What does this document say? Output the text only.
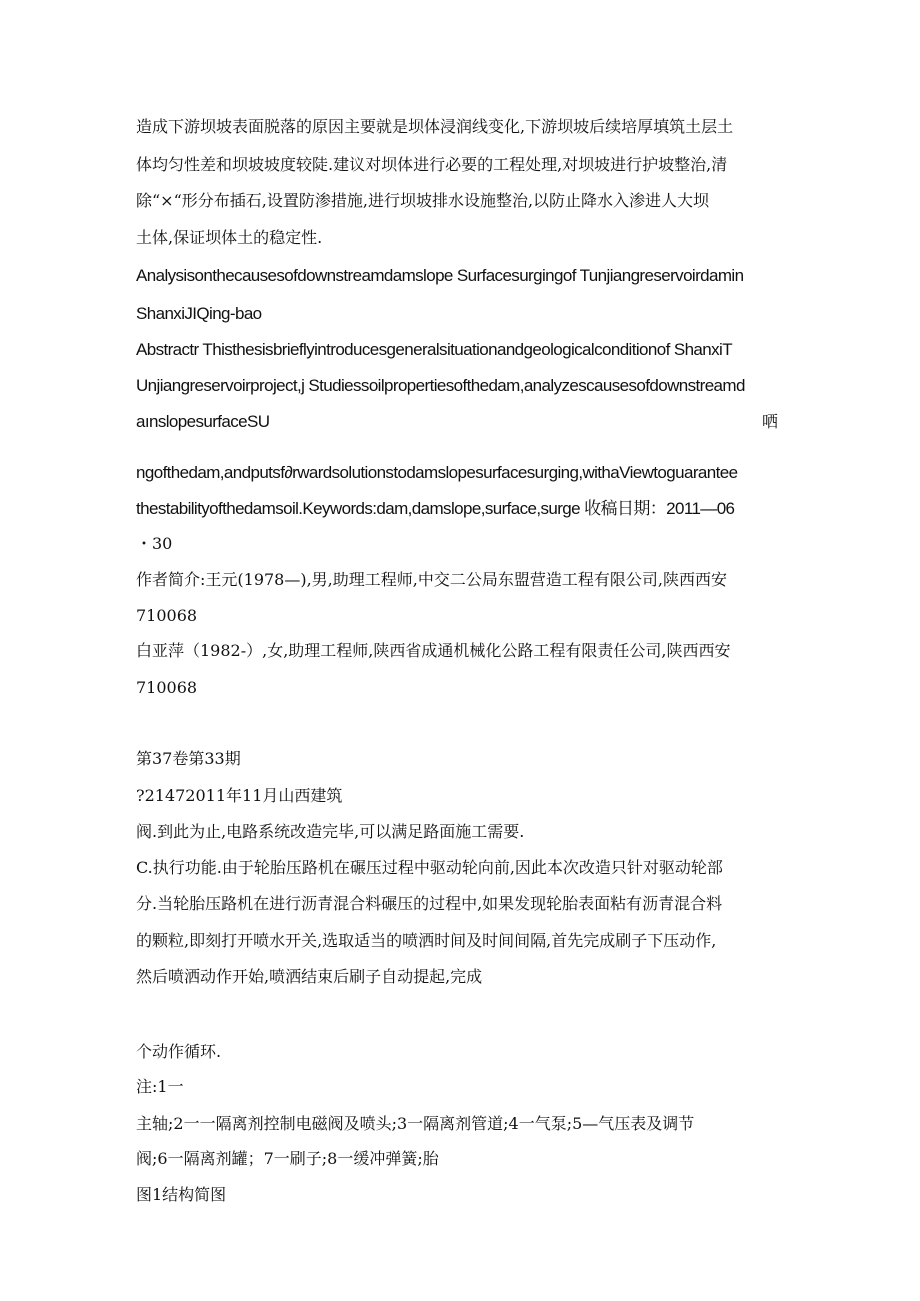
造成下游坝坡表面脱落的原因主要就是坝体浸润线变化,下游坝坡后续培厚填筑土层土
体均匀性差和坝坡坡度较陡.建议对坝体进行必要的工程处理,对坝坡进行护坡整治,清
除“×“形分布插石,设置防渗措施,进行坝坡排水设施整治,以防止降水入渗进人大坝
土体,保证坝体土的稳定性.
Analysisonthecausesofdownstreamdamslope Surfacesurgingof Tunjiangreservoirdamin
ShanxiJIQing-bao
Abstractr Thisthesisbrieflyintroducesgeneralsituationandgeologicalconditionof ShanxiT
Unjiangreservoirproject,j Studiessoilpropertiesofthedam,analyzescausesofdownstreamd
aınslopesurfaceSU	哂
ngofthedam,andputsf∂rwardsolutionstodamslopesurfacesurging,withaViewtoguarantee
thestabilityofthedamsoil.Keywords:dam,damslope,surface,surge 收稿日期：2011—06
・30
作者简介:王元(1978—),男,助理工程师,中交二公局东盟营造工程有限公司,陕西西安
710068
白亚萍（1982-）,女,助理工程师,陕西省成通机械化公路工程有限责任公司,陕西西安
710068
第37卷第33期
?21472011年11月山西建筑
阀.到此为止,电路系统改造完毕,可以满足路面施工需要.
C.执行功能.由于轮胎压路机在碾压过程中驱动轮向前,因此本次改造只针对驱动轮部
分.当轮胎压路机在进行沥青混合料碾压的过程中,如果发现轮胎表面粘有沥青混合料
的颗粒,即刻打开喷水开关,选取适当的喷洒时间及时间间隔,首先完成刷子下压动作,
然后喷洒动作开始,喷洒结束后刷子自动提起,完成
个动作循环.
注:1一
主轴;2一一隔离剂控制电磁阀及喷头;3一隔离剂管道;4一气泵;5—气压表及调节
阀;6一隔离剂罐；7一刷子;8一缓冲弹簧;胎
图1结构简图
